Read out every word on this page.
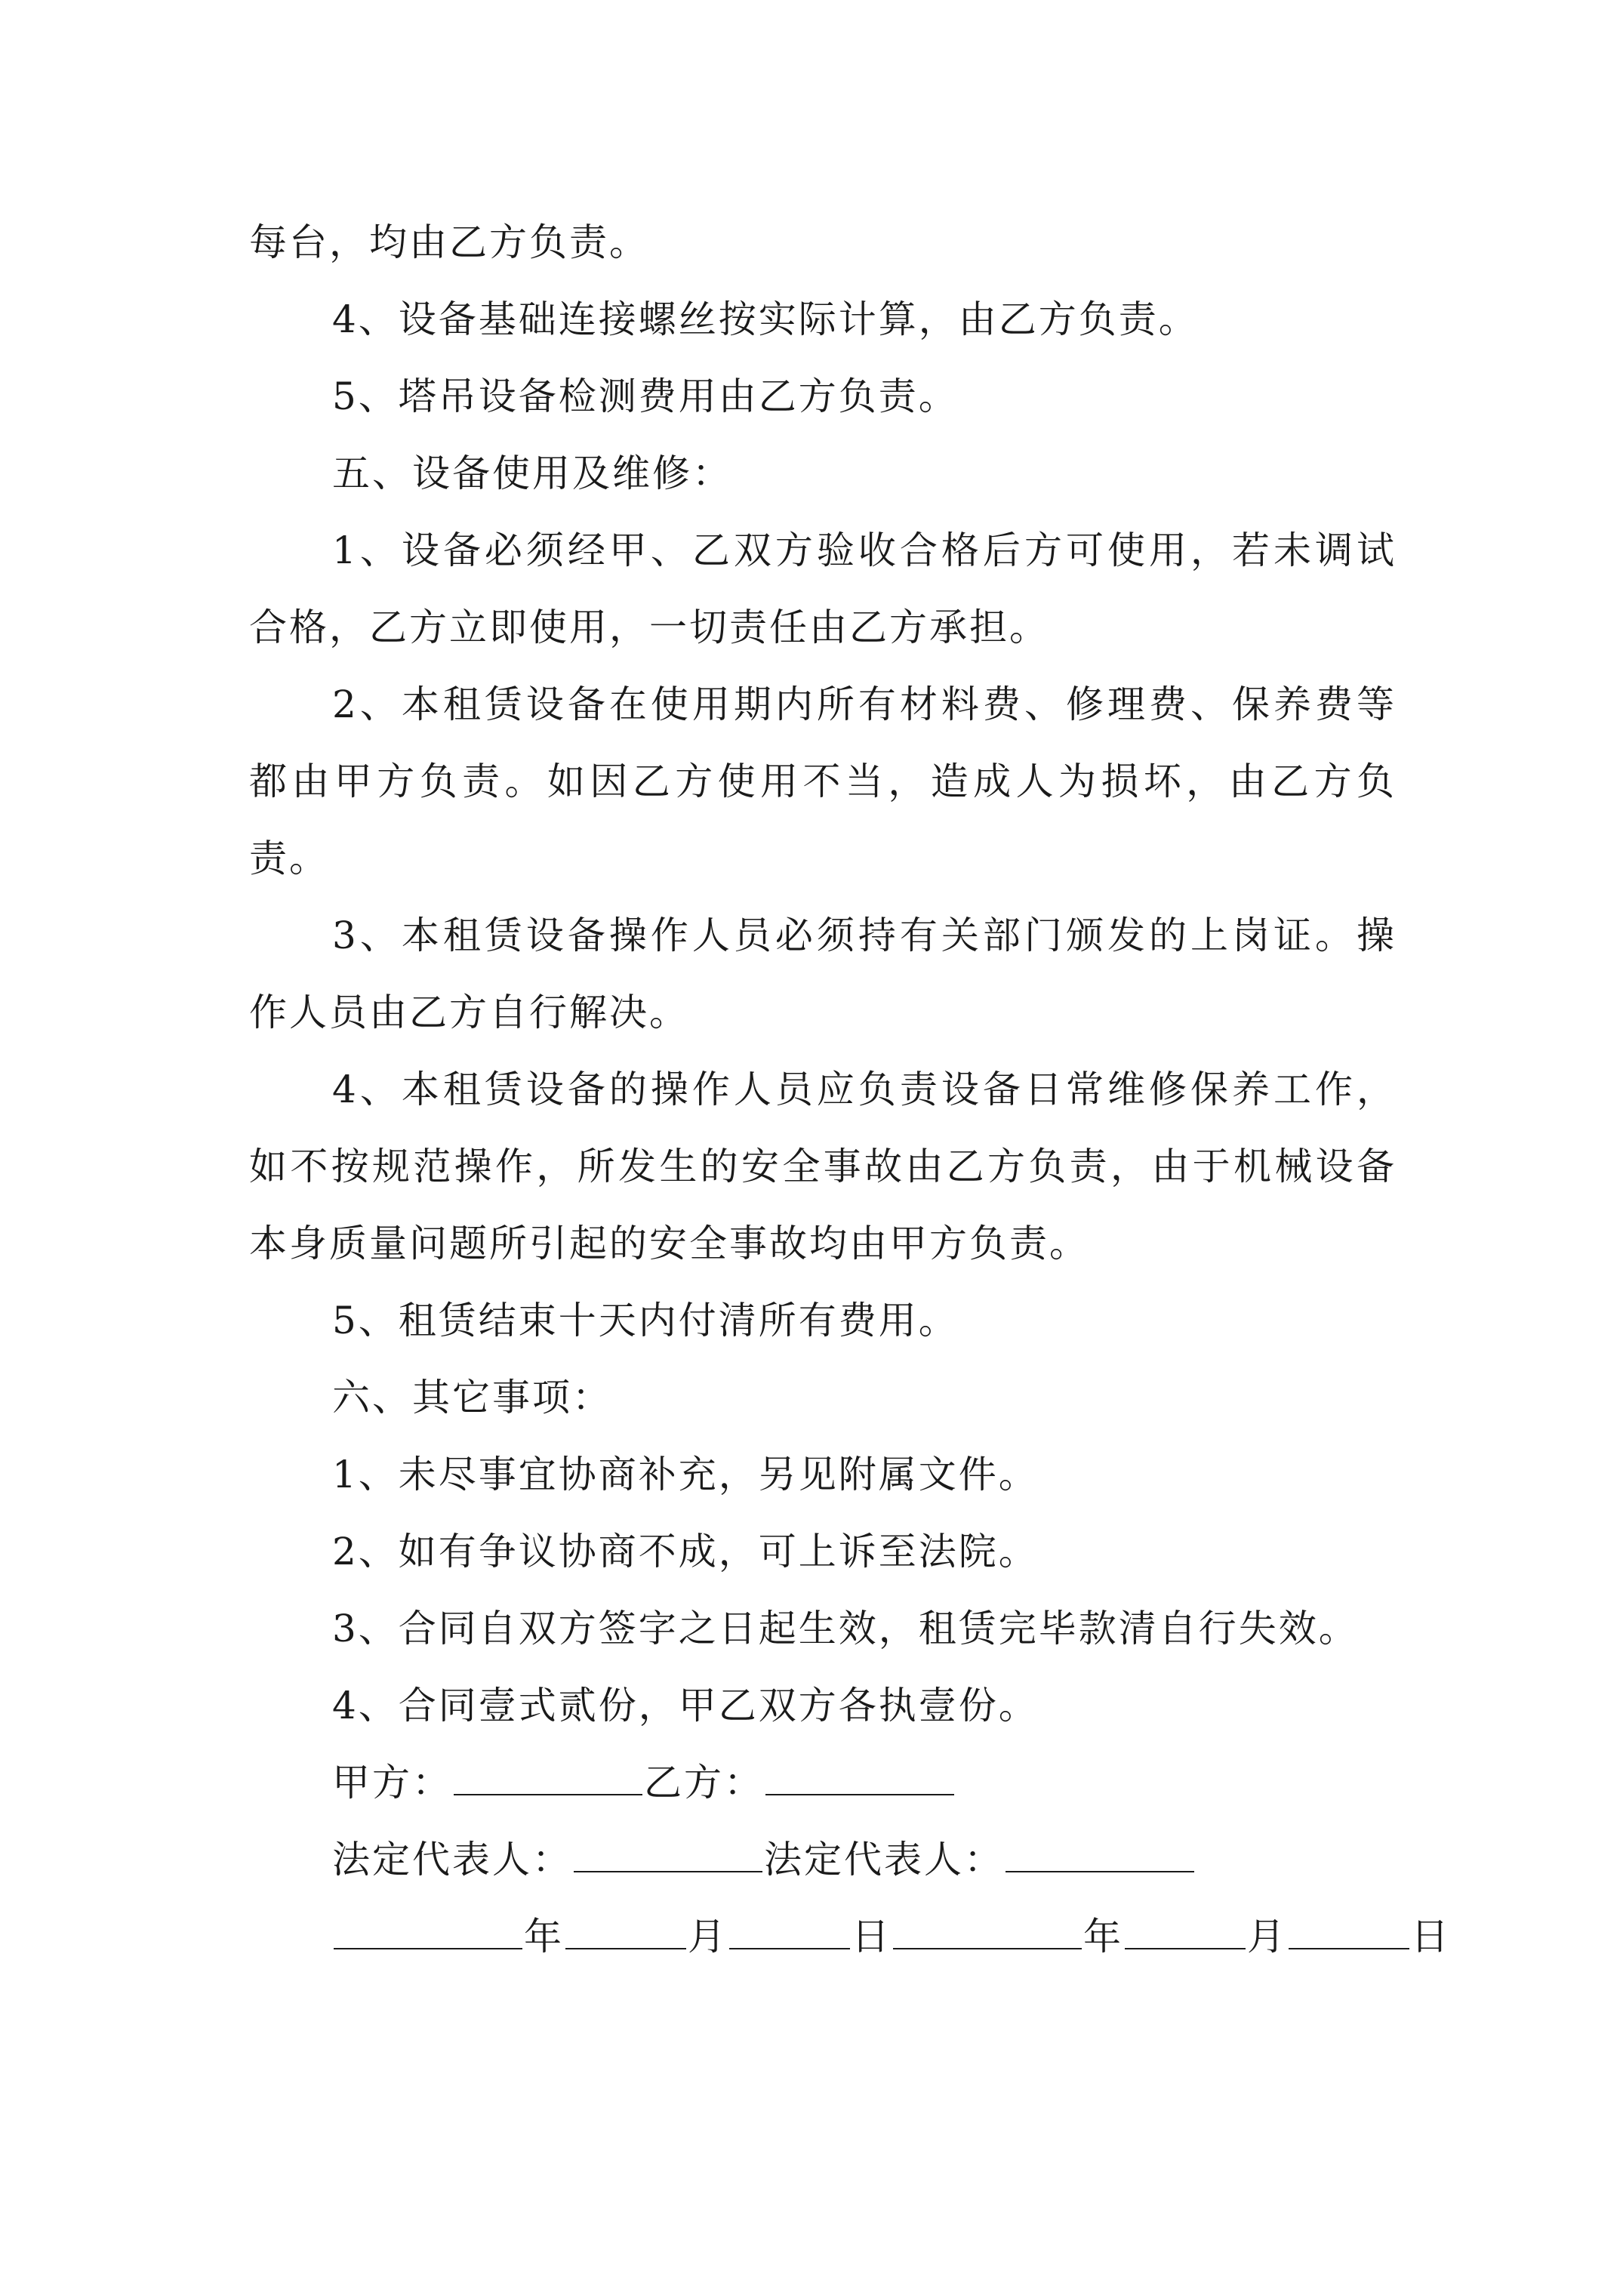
每台，均由乙方负责。

4、设备基础连接螺丝按实际计算，由乙方负责。

5、塔吊设备检测费用由乙方负责。

五、设备使用及维修：

1、设备必须经甲、乙双方验收合格后方可使用，若未调试合格，乙方立即使用，一切责任由乙方承担。

2、本租赁设备在使用期内所有材料费、修理费、保养费等都由甲方负责。如因乙方使用不当，造成人为损坏，由乙方负责。

3、本租赁设备操作人员必须持有关部门颁发的上岗证。操作人员由乙方自行解决。

4、本租赁设备的操作人员应负责设备日常维修保养工作，如不按规范操作，所发生的安全事故由乙方负责，由于机械设备本身质量问题所引起的安全事故均由甲方负责。

5、租赁结束十天内付清所有费用。

六、其它事项：

1、未尽事宜协商补充，另见附属文件。

2、如有争议协商不成，可上诉至法院。

3、合同自双方签字之日起生效，租赁完毕款清自行失效。

4、合同壹式贰份，甲乙双方各执壹份。

甲方：	乙方：
法定代表人：	法定代表人：
年	月	日	年	月	日
